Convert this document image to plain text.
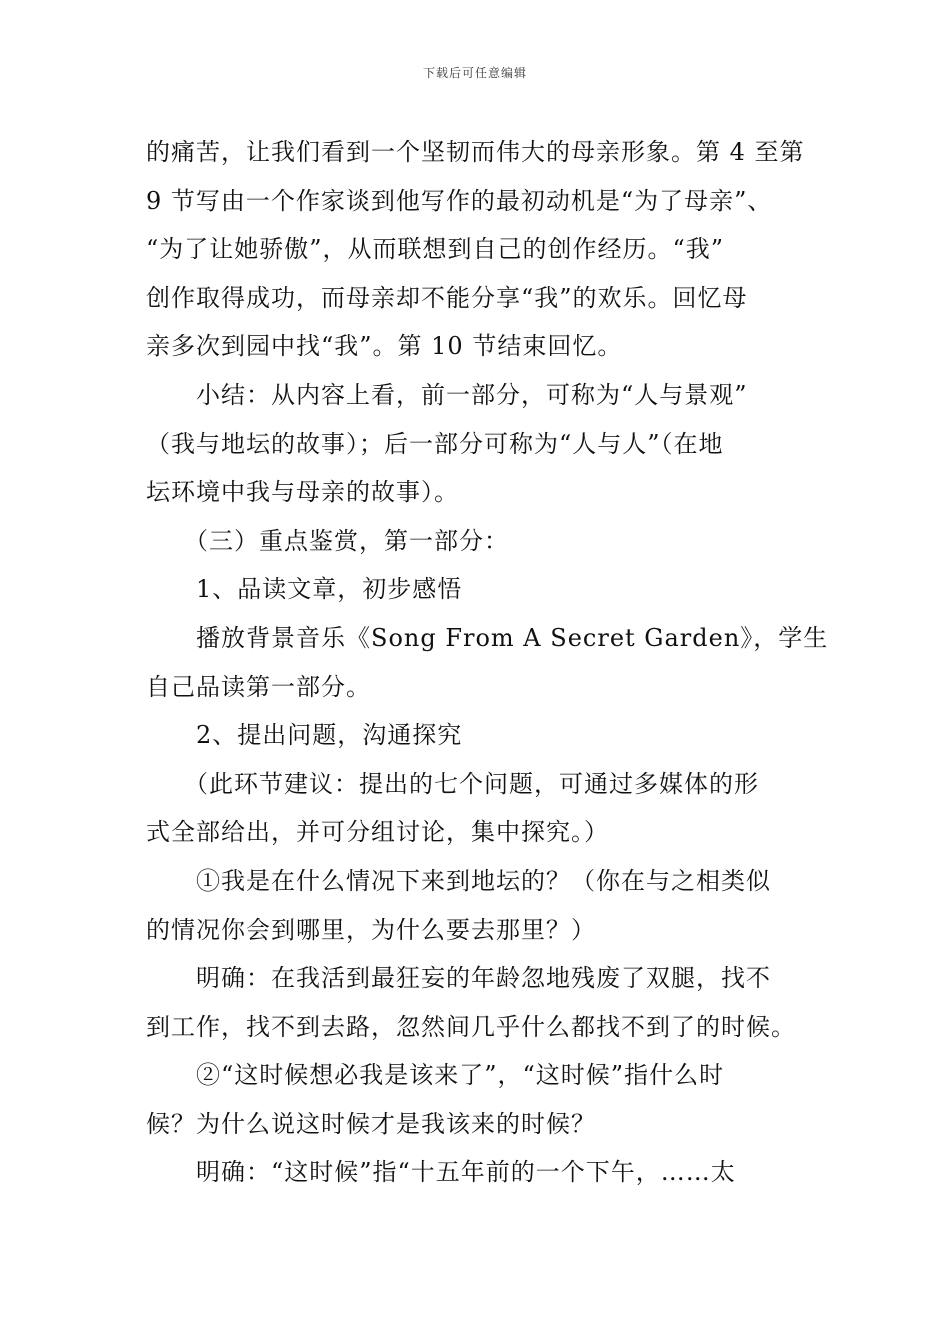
下载后可任意编辑

的痛苦，让我们看到一个坚韧而伟大的母亲形象。第 4 至第

9 节写由一个作家谈到他写作的最初动机是“为了母亲”、

“为了让她骄傲”，从而联想到自己的创作经历。“我”

创作取得成功，而母亲却不能分享“我”的欢乐。回忆母

亲多次到园中找“我”。第 10 节结束回忆。

小结：从内容上看，前一部分，可称为“人与景观”

（我与地坛的故事）；后一部分可称为“人与人”（在地

坛环境中我与母亲的故事）。

（三）重点鉴赏，第一部分：

1、品读文章，初步感悟

播放背景音乐《Song From A Secret Garden》，学生

自己品读第一部分。

2、提出问题，沟通探究

（此环节建议：提出的七个问题，可通过多媒体的形

式全部给出，并可分组讨论，集中探究。）

①我是在什么情况下来到地坛的？（你在与之相类似

的情况你会到哪里，为什么要去那里？）

明确：在我活到最狂妄的年龄忽地残废了双腿，找不

到工作，找不到去路，忽然间几乎什么都找不到了的时候。

②“这时候想必我是该来了”，“这时候”指什么时

候？为什么说这时候才是我该来的时候？

明确：“这时候”指“十五年前的一个下午，……太
